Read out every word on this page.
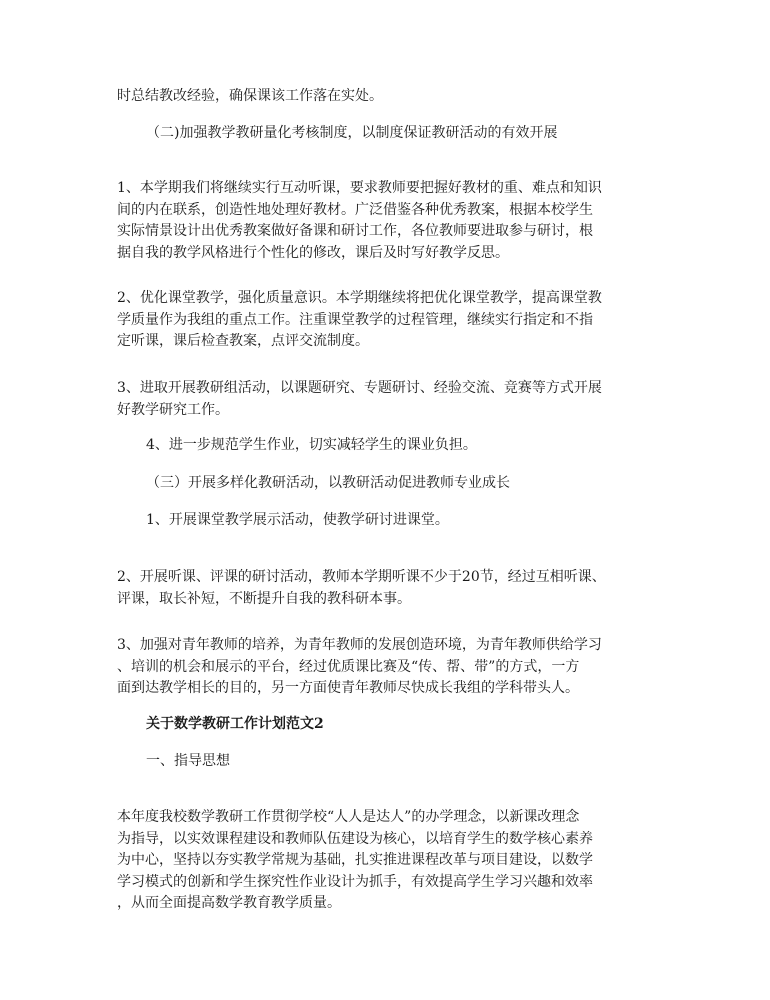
时总结教改经验，确保课该工作落在实处。

（二)加强教学教研量化考核制度，以制度保证教研活动的有效开展

1、本学期我们将继续实行互动听课，要求教师要把握好教材的重、难点和知识
间的内在联系，创造性地处理好教材。广泛借鉴各种优秀教案，根据本校学生
实际情景设计出优秀教案做好备课和研讨工作，各位教师要进取参与研讨，根
据自我的教学风格进行个性化的修改，课后及时写好教学反思。

2、优化课堂教学，强化质量意识。本学期继续将把优化课堂教学，提高课堂教
学质量作为我组的重点工作。注重课堂教学的过程管理，继续实行指定和不指
定听课，课后检查教案，点评交流制度。

3、进取开展教研组活动，以课题研究、专题研讨、经验交流、竞赛等方式开展
好教学研究工作。

4、进一步规范学生作业，切实减轻学生的课业负担。

（三）开展多样化教研活动，以教研活动促进教师专业成长

1、开展课堂教学展示活动，使教学研讨进课堂。

2、开展听课、评课的研讨活动，教师本学期听课不少于20节，经过互相听课、
评课，取长补短，不断提升自我的教科研本事。

3、加强对青年教师的培养，为青年教师的发展创造环境，为青年教师供给学习
、培训的机会和展示的平台，经过优质课比赛及“传、帮、带”的方式，一方
面到达教学相长的目的，另一方面使青年教师尽快成长我组的学科带头人。

关于数学教研工作计划范文2

一、指导思想

本年度我校数学教研工作贯彻学校“人人是达人”的办学理念，以新课改理念
为指导，以实效课程建设和教师队伍建设为核心，以培育学生的数学核心素养
为中心，坚持以夯实教学常规为基础，扎实推进课程改革与项目建设，以数学
学习模式的创新和学生探究性作业设计为抓手，有效提高学生学习兴趣和效率
，从而全面提高数学教育教学质量。
